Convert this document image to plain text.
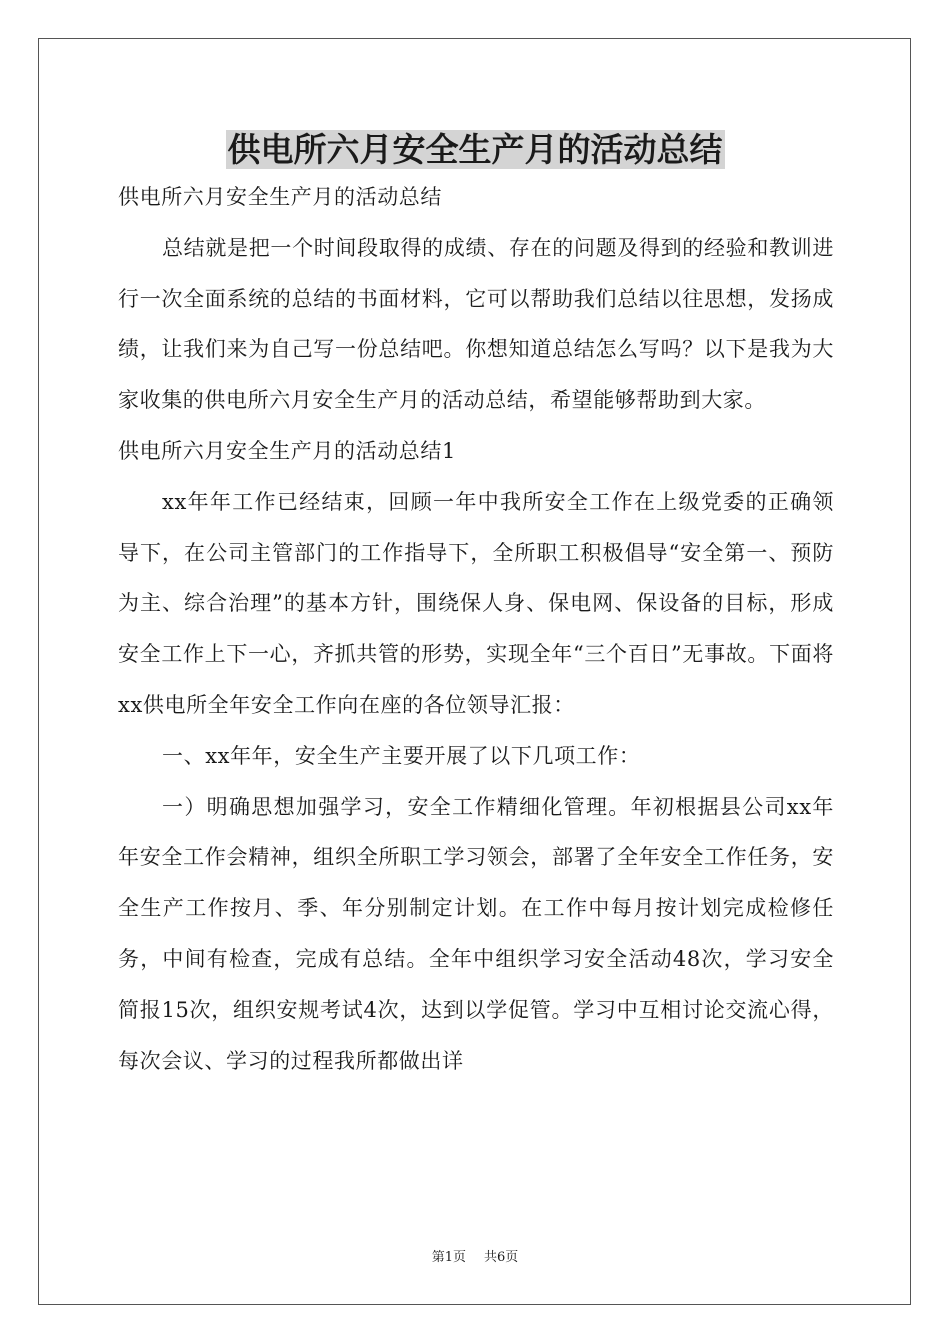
供电所六月安全生产月的活动总结

供电所六月安全生产月的活动总结

总结就是把一个时间段取得的成绩、存在的问题及得到的经验和教训进行一次全面系统的总结的书面材料，它可以帮助我们总结以往思想，发扬成绩，让我们来为自己写一份总结吧。你想知道总结怎么写吗？以下是我为大家收集的供电所六月安全生产月的活动总结，希望能够帮助到大家。

供电所六月安全生产月的活动总结1

xx年年工作已经结束，回顾一年中我所安全工作在上级党委的正确领导下，在公司主管部门的工作指导下，全所职工积极倡导“安全第一、预防为主、综合治理”的基本方针，围绕保人身、保电网、保设备的目标，形成安全工作上下一心，齐抓共管的形势，实现全年“三个百日”无事故。下面将xx供电所全年安全工作向在座的各位领导汇报：

一、xx年年，安全生产主要开展了以下几项工作：

一）明确思想加强学习，安全工作精细化管理。年初根据县公司xx年年安全工作会精神，组织全所职工学习领会，部署了全年安全工作任务，安全生产工作按月、季、年分别制定计划。在工作中每月按计划完成检修任务，中间有检查，完成有总结。全年中组织学习安全活动48次，学习安全简报15次，组织安规考试4次，达到以学促管。学习中互相讨论交流心得，每次会议、学习的过程我所都做出详

第1页 共6页
